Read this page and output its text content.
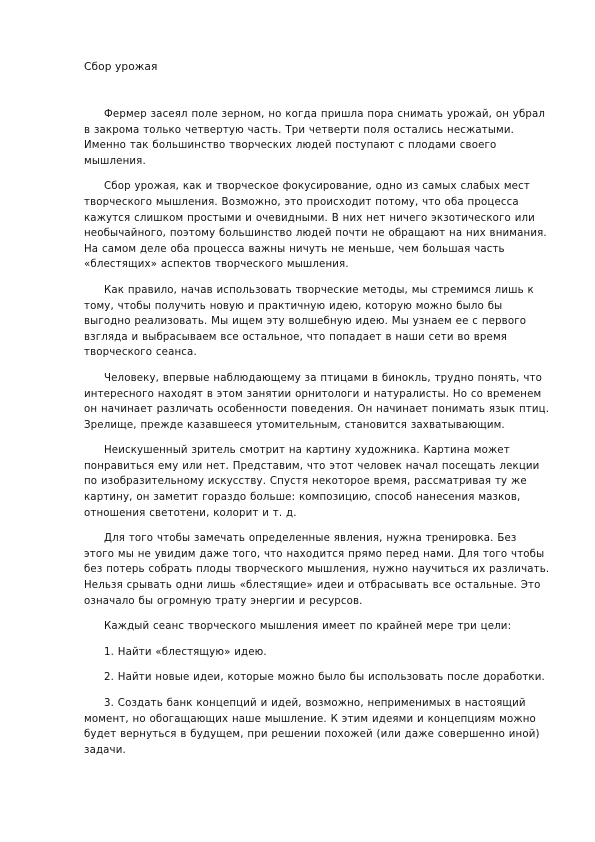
Сбор урожая

Фермер засеял поле зерном, но когда пришла пора снимать урожай, он убрал в закрома только четвертую часть. Три четверти поля остались несжатыми. Именно так большинство творческих людей поступают с плодами своего мышления.

Сбор урожая, как и творческое фокусирование, одно из самых слабых мест творческого мышления. Возможно, это происходит потому, что оба процесса кажутся слишком простыми и очевидными. В них нет ничего экзотического или необычайного, поэтому большинство людей почти не обращают на них внимания. На самом деле оба процесса важны ничуть не меньше, чем большая часть «блестящих» аспектов творческого мышления.

Как правило, начав использовать творческие методы, мы стремимся лишь к тому, чтобы получить новую и практичную идею, которую можно было бы выгодно реализовать. Мы ищем эту волшебную идею. Мы узнаем ее с первого взгляда и выбрасываем все остальное, что попадает в наши сети во время творческого сеанса.

Человеку, впервые наблюдающему за птицами в бинокль, трудно понять, что интересного находят в этом занятии орнитологи и натуралисты. Но со временем он начинает различать особенности поведения. Он начинает понимать язык птиц. Зрелище, прежде казавшееся утомительным, становится захватывающим.

Неискушенный зритель смотрит на картину художника. Картина может понравиться ему или нет. Представим, что этот человек начал посещать лекции по изобразительному искусству. Спустя некоторое время, рассматривая ту же картину, он заметит гораздо больше: композицию, способ нанесения мазков, отношения светотени, колорит и т. д.

Для того чтобы замечать определенные явления, нужна тренировка. Без этого мы не увидим даже того, что находится прямо перед нами. Для того чтобы без потерь собрать плоды творческого мышления, нужно научиться их различать. Нельзя срывать одни лишь «блестящие» идеи и отбрасывать все остальные. Это означало бы огромную трату энергии и ресурсов.

Каждый сеанс творческого мышления имеет по крайней мере три цели:

1. Найти «блестящую» идею.

2. Найти новые идеи, которые можно было бы использовать после доработки.

3. Создать банк концепций и идей, возможно, неприменимых в настоящий момент, но обогащающих наше мышление. К этим идеями и концепциям можно будет вернуться в будущем, при решении похожей (или даже совершенно иной) задачи.
